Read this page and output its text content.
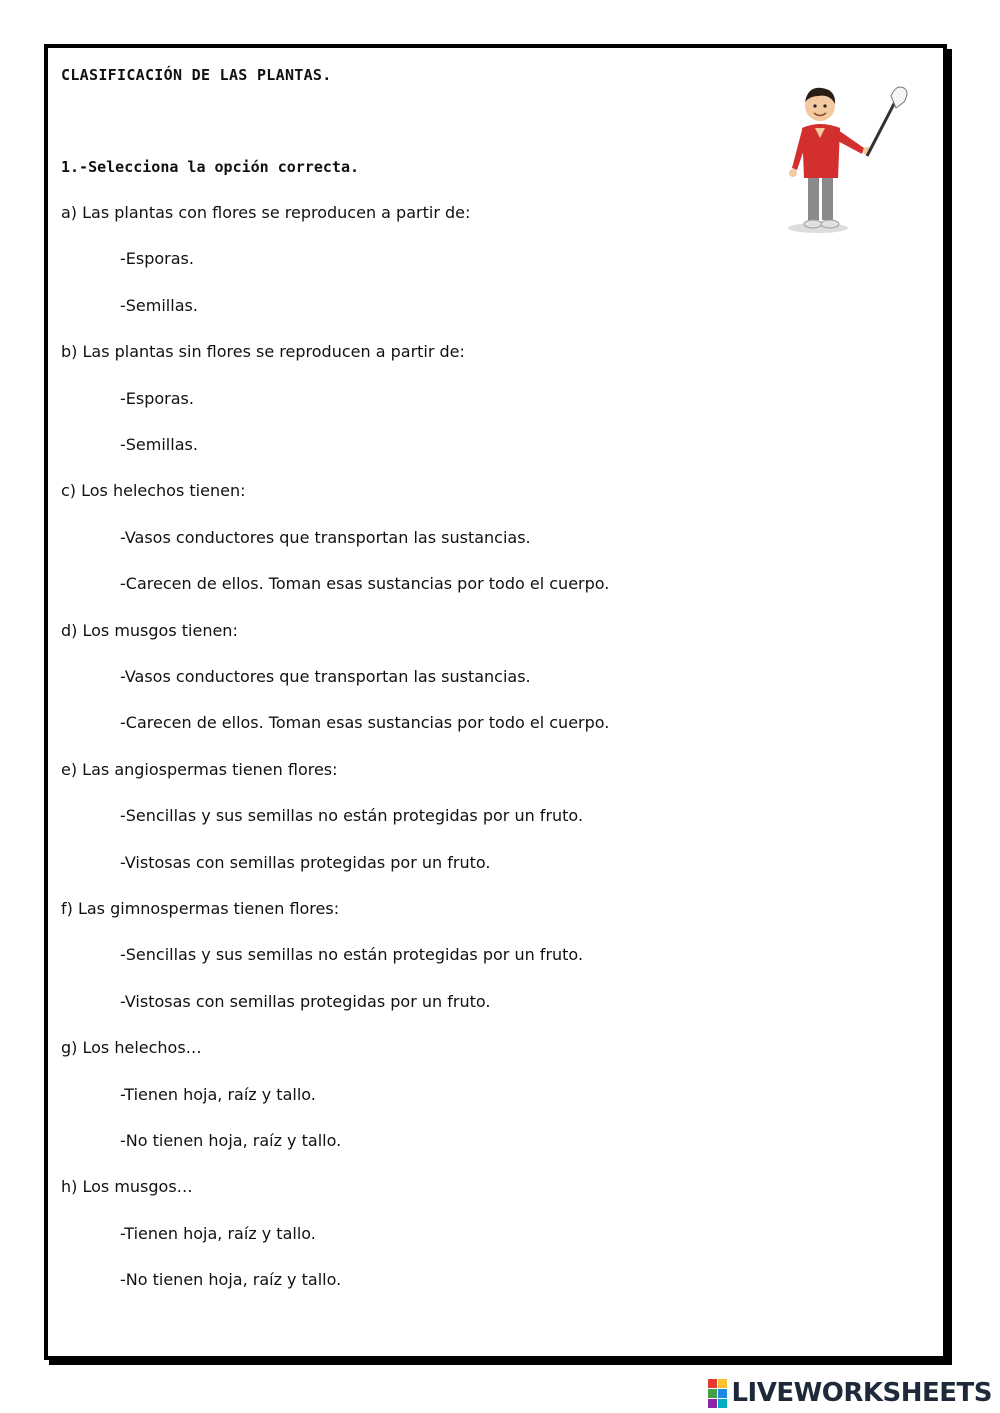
CLASIFICACIÓN DE LAS PLANTAS.
1.-Selecciona la opción correcta.
a) Las plantas con flores se reproducen a partir de:
-Esporas.
-Semillas.
b) Las plantas sin flores se reproducen a partir de:
-Esporas.
-Semillas.
c) Los helechos tienen:
-Vasos conductores que transportan las sustancias.
-Carecen de ellos. Toman esas sustancias por todo el cuerpo.
d) Los musgos tienen:
-Vasos conductores que transportan las sustancias.
-Carecen de ellos. Toman esas sustancias por todo el cuerpo.
e) Las angiospermas tienen flores:
-Sencillas y sus semillas no están protegidas por un fruto.
-Vistosas con semillas protegidas por un fruto.
f) Las gimnospermas tienen flores:
-Sencillas y sus semillas no están protegidas por un fruto.
-Vistosas con semillas protegidas por un fruto.
g) Los helechos…
-Tienen hoja, raíz y tallo.
-No tienen hoja, raíz y tallo.
h) Los musgos…
-Tienen hoja, raíz y tallo.
-No tienen hoja, raíz y tallo.
LIVEWORKSHEETS
